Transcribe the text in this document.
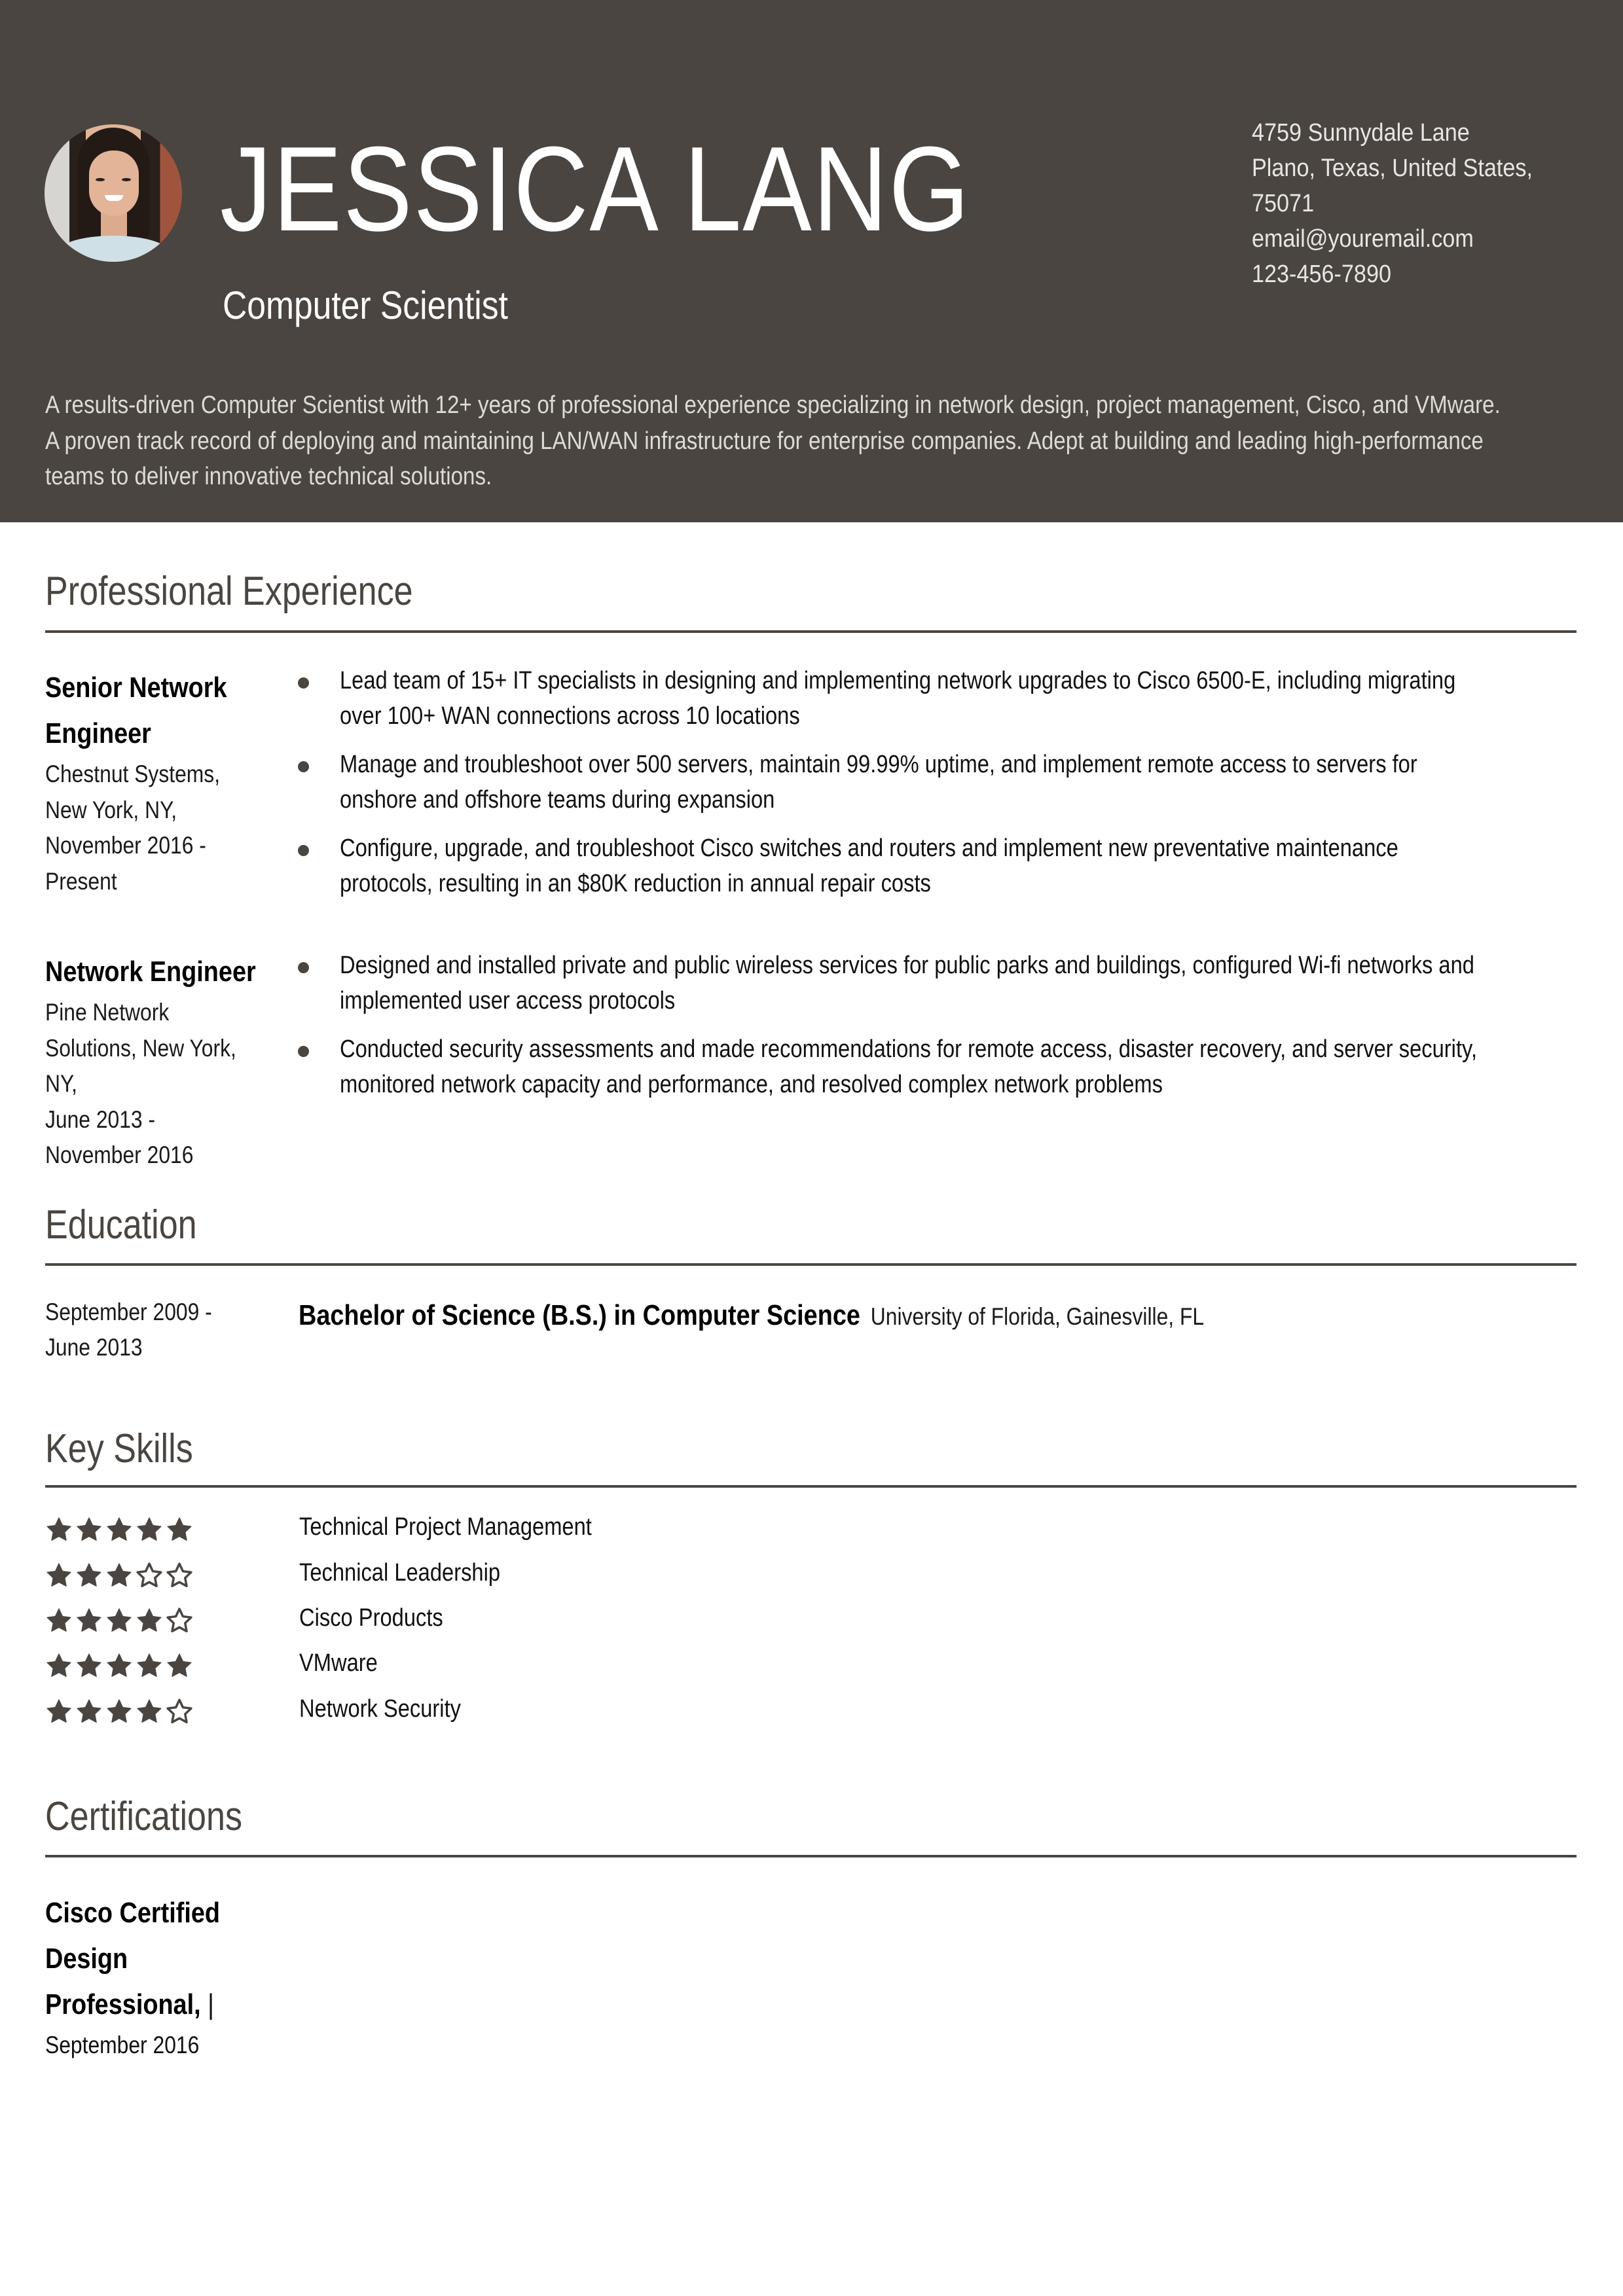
JESSICA LANG
Computer Scientist
4759 Sunnydale Lane
Plano, Texas, United States,
75071
email@youremail.com
123-456-7890
A results-driven Computer Scientist with 12+ years of professional experience specializing in network design, project management, Cisco, and VMware.
A proven track record of deploying and maintaining LAN/WAN infrastructure for enterprise companies. Adept at building and leading high-performance
teams to deliver innovative technical solutions.
Professional Experience
Senior Network
Engineer
Chestnut Systems,
New York, NY,
November 2016 -
Present
Lead team of 15+ IT specialists in designing and implementing network upgrades to Cisco 6500-E, including migrating
over 100+ WAN connections across 10 locations
Manage and troubleshoot over 500 servers, maintain 99.99% uptime, and implement remote access to servers for
onshore and offshore teams during expansion
Configure, upgrade, and troubleshoot Cisco switches and routers and implement new preventative maintenance
protocols, resulting in an $80K reduction in annual repair costs
Network Engineer
Pine Network
Solutions, New York,
NY,
June 2013 -
November 2016
Designed and installed private and public wireless services for public parks and buildings, configured Wi-fi networks and
implemented user access protocols
Conducted security assessments and made recommendations for remote access, disaster recovery, and server security,
monitored network capacity and performance, and resolved complex network problems
Education
September 2009 -
June 2013
Bachelor of Science (B.S.) in Computer Science University of Florida, Gainesville, FL
Key Skills
Technical Project Management
Technical Leadership
Cisco Products
VMware
Network Security
Certifications
Cisco Certified
Design
Professional, |
September 2016
